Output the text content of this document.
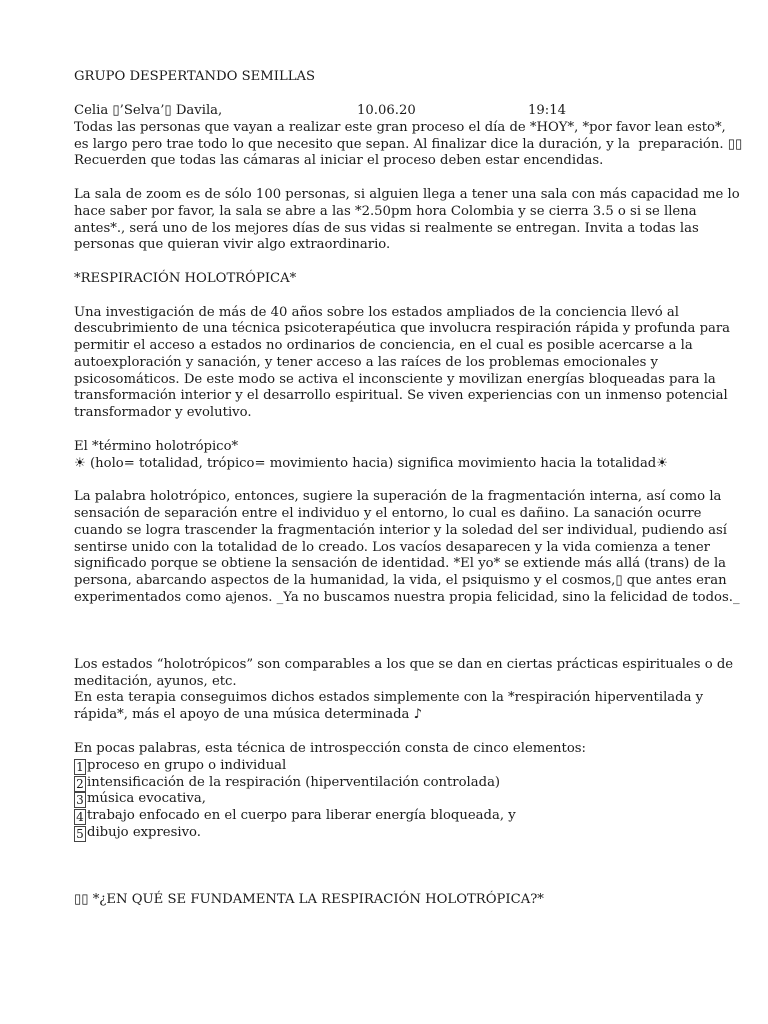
GRUPO DESPERTANDO SEMILLAS
Celia ▯’Selva’▯ Davila,	10.06.20	19:14
Todas las personas que vayan a realizar este gran proceso el día de *HOY*, *por favor lean esto*,
es largo pero trae todo lo que necesito que sepan. Al finalizar dice la duración, y la  preparación. ▯▯
Recuerden que todas las cámaras al iniciar el proceso deben estar encendidas.
La sala de zoom es de sólo 100 personas, si alguien llega a tener una sala con más capacidad me lo
hace saber por favor, la sala se abre a las *2.50pm hora Colombia y se cierra 3.5 o si se llena
antes*., será uno de los mejores días de sus vidas si realmente se entregan. Invita a todas las
personas que quieran vivir algo extraordinario.
*RESPIRACIÓN HOLOTRÓPICA*
Una investigación de más de 40 años sobre los estados ampliados de la conciencia llevó al
descubrimiento de una técnica psicoterapéutica que involucra respiración rápida y profunda para
permitir el acceso a estados no ordinarios de conciencia, en el cual es posible acercarse a la
autoexploración y sanación, y tener acceso a las raíces de los problemas emocionales y
psicosomáticos. De este modo se activa el inconsciente y movilizan energías bloqueadas para la
transformación interior y el desarrollo espiritual. Se viven experiencias con un inmenso potencial
transformador y evolutivo.
El *término holotrópico*
☀ (holo= totalidad, trópico= movimiento hacia) significa movimiento hacia la totalidad☀
La palabra holotrópico, entonces, sugiere la superación de la fragmentación interna, así como la
sensación de separación entre el individuo y el entorno, lo cual es dañino. La sanación ocurre
cuando se logra trascender la fragmentación interior y la soledad del ser individual, pudiendo así
sentirse unido con la totalidad de lo creado. Los vacíos desaparecen y la vida comienza a tener
significado porque se obtiene la sensación de identidad. *El yo* se extiende más allá (trans) de la
persona, abarcando aspectos de la humanidad, la vida, el psiquismo y el cosmos,▯ que antes eran
experimentados como ajenos. _Ya no buscamos nuestra propia felicidad, sino la felicidad de todos._
Los estados “holotrópicos” son comparables a los que se dan en ciertas prácticas espirituales o de
meditación, ayunos, etc.
En esta terapia conseguimos dichos estados simplemente con la *respiración hiperventilada y
rápida*, más el apoyo de una música determinada ♪
En pocas palabras, esta técnica de introspección consta de cinco elementos:
1 proceso en grupo o individual
2 intensificación de la respiración (hiperventilación controlada)
3 música evocativa,
4 trabajo enfocado en el cuerpo para liberar energía bloqueada, y
5 dibujo expresivo.
▯▯ *¿EN QUÉ SE FUNDAMENTA LA RESPIRACIÓN HOLOTRÓPICA?*
